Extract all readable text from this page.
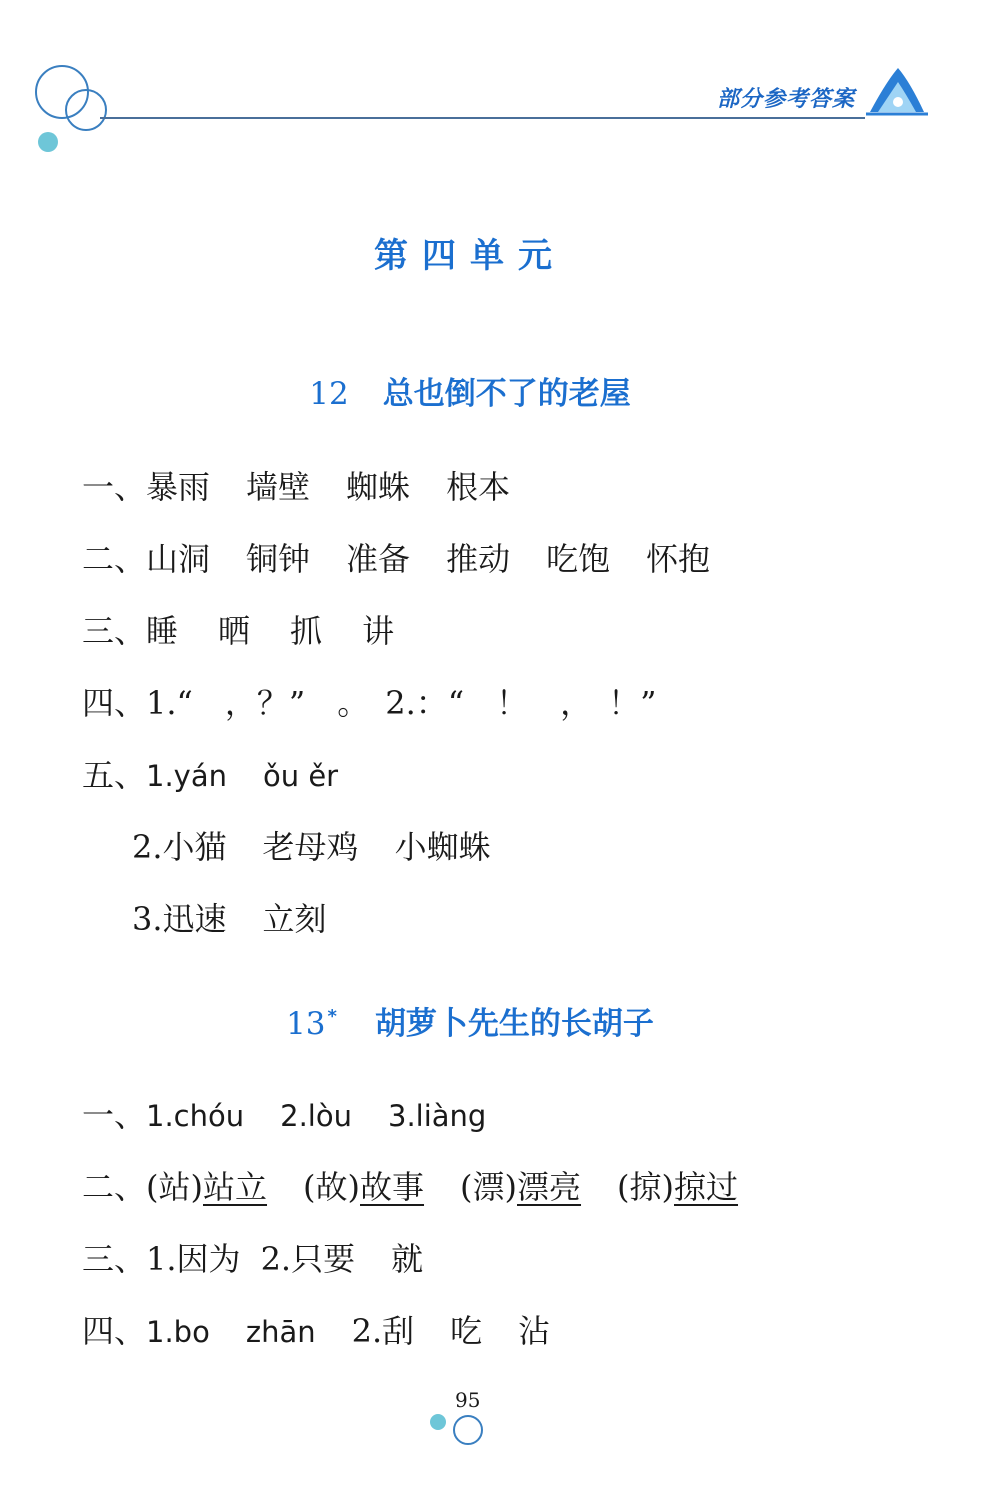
部分参考答案
第四单元
12 总也倒不了的老屋
一、暴雨 墙壁 蜘蛛 根本
二、山洞 铜钟 准备 推动 吃饱 怀抱
三、睡 晒 抓 讲
四、1.“　，？”　。　2.：“　！　，　！”
五、1.yán ǒu ěr
2.小猫 老母鸡 小蜘蛛
3.迅速 立刻
13 * 胡萝卜先生的长胡子
一、1.chóu 2.lòu 3.liàng
二、(站)站立 (故)故事 (漂)漂亮 (掠)掠过
三、1.因为 2.只要 就
四、1.bo zhān 2.刮 吃 沾
95
